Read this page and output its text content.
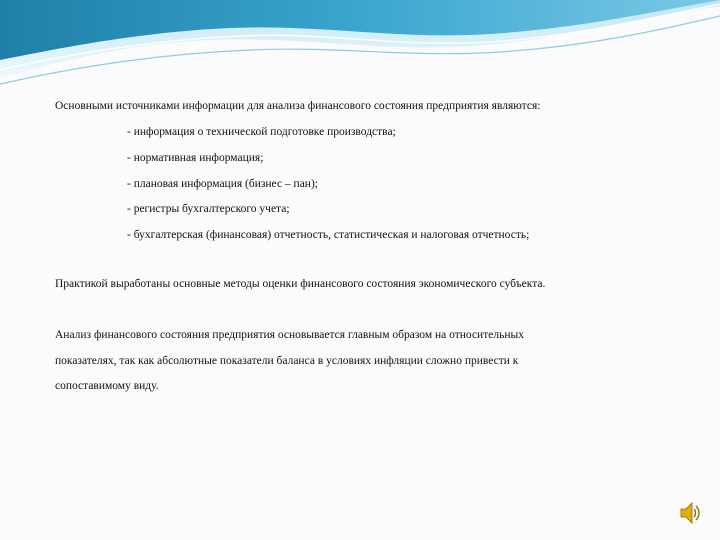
Основными источниками информации для анализа финансового состояния предприятия являются:
- информация о технической подготовке производства;
- нормативная информация;
- плановая информация (бизнес – пан);
- регистры бухгалтерского учета;
- бухгалтерская (финансовая) отчетность, статистическая и налоговая отчетность;
Практикой выработаны основные методы оценки финансового состояния экономического субъекта.
Анализ финансового состояния предприятия основывается главным образом на относительных
показателях, так как абсолютные показатели баланса в условиях инфляции сложно привести к
сопоставимому виду.
